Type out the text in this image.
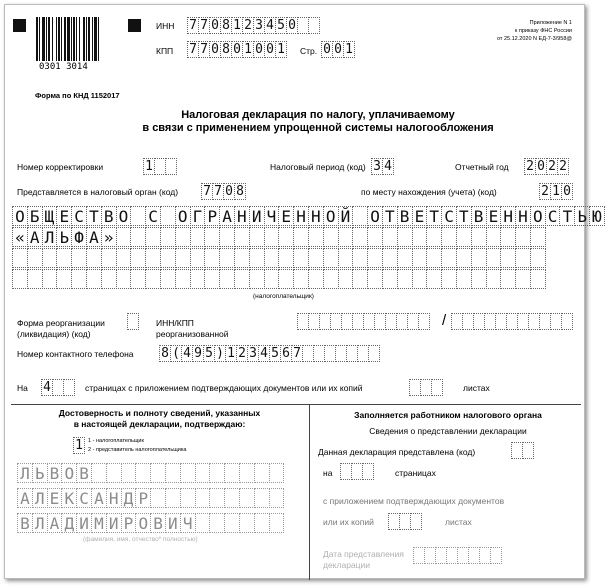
0301 3014
ИНН 7 7 0 8 1 2 3 4 5 0
КПП 7 7 0 8 0 1 0 0 1 Стр. 0 0 1
Приложение N 1
к приказу ФНС России
от 25.12.2020 N ЕД-7-3/958@
Форма по КНД 1152017
Налоговая декларация по налогу, уплачиваемому
в связи с применением упрощенной системы налогообложения
Номер корректировки	1	Налоговый период (код) 3 4	Отчетный год 2 0 2 2
Представляется в налоговый орган (код) 7 7 0 8	по месту нахождения (учета) (код)	2 1 0
О Б Щ Е С Т В О С О Г Р А Н И Ч Е Н Н О Й О Т В Е Т С Т В Е Н Н О С Т Ь Ю
« А Л Ь Ф А »
(налогоплательщик)
Форма реорганизации
(ликвидация) (код)
ИНН/КПП
реорганизованной
/
Номер контактного телефона 8 ( 4 9 5 ) 1 2 3 4 5 6 7
На 4	страницах с приложением подтверждающих документов или их копий	листах
Достоверность и полноту сведений, указанных
в настоящей декларации, подтверждаю:
1 1 - налогоплательщик
2 - представитель налогоплательщика
Л Ь В О В
А Л Е К С А Н Д Р
В Л А Д И М И Р О В И Ч
(фамилия, имя, отчество* полностью)
Заполняется работником налогового органа
Сведения о представлении декларации
Данная декларация представлена (код)
на	страницах
с приложением подтверждающих документов
или их копий	листах
Дата представления
декларации
